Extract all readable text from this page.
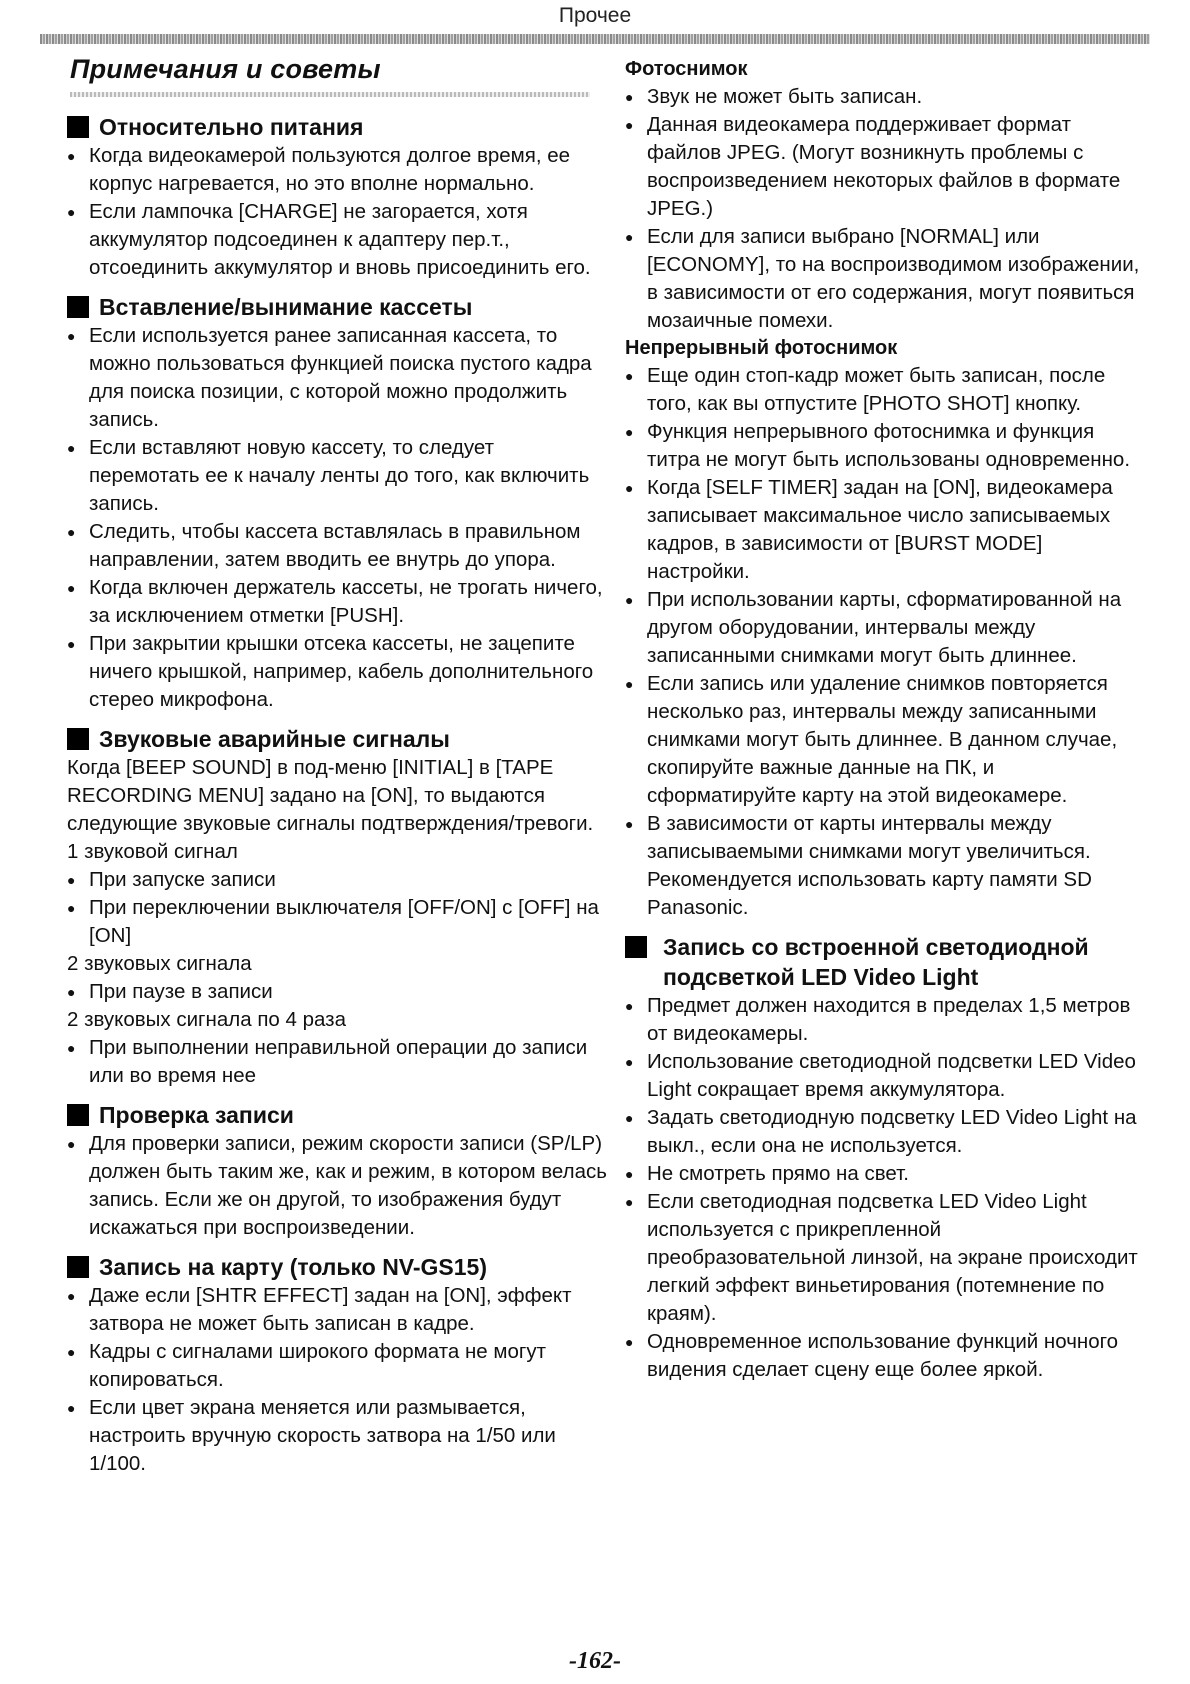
Прочее
Примечания и советы
Относительно питания
● Когда видеокамерой пользуются долгое время, ее корпус нагревается, но это вполне нормально.
● Если лампочка [CHARGE] не загорается, хотя аккумулятор подсоединен к адаптеру пер.т., отсоединить аккумулятор и вновь присоединить его.
Вставление/вынимание кассеты
● Если используется ранее записанная кассета, то можно пользоваться функцией поиска пустого кадра для поиска позиции, с которой можно продолжить запись.
● Если вставляют новую кассету, то следует перемотать ее к началу ленты до того, как включить запись.
● Следить, чтобы кассета вставлялась в правильном направлении, затем вводить ее внутрь до упора.
● Когда включен держатель кассеты, не трогать ничего, за исключением отметки [PUSH].
● При закрытии крышки отсека кассеты, не зацепите ничего крышкой, например, кабель дополнительного стерео микрофона.
Звуковые аварийные сигналы

Когда [BEEP SOUND] в под-меню [INITIAL] в [TAPE RECORDING MENU] задано на [ON], то выдаются следующие звуковые сигналы подтверждения/тревоги.

1 звуковой сигнал

● При запуске записи
● При переключении выключателя [OFF/ON] с [OFF] на [ON]

2 звуковых сигнала

● При паузе в записи

2 звуковых сигнала по 4 раза

● При выполнении неправильной операции до записи или во время нее
Проверка записи
● Для проверки записи, режим скорости записи (SP/LP) должен быть таким же, как и режим, в котором велась запись. Если же он другой, то изображения будут искажаться при воспроизведении.
Запись на карту (только NV-GS15)
● Даже если [SHTR EFFECT] задан на [ON], эффект затвора не может быть записан в кадре.
● Кадры с сигналами широкого формата не могут копироваться.
● Если цвет экрана меняется или размывается, настроить вручную скорость затвора на 1/50 или 1/100.
Фотоснимок
● Звук не может быть записан.
● Данная видеокамера поддерживает формат файлов JPEG. (Могут возникнуть проблемы с воспроизведением некоторых файлов в формате JPEG.)
● Если для записи выбрано [NORMAL] или [ECONOMY], то на воспроизводимом изображении, в зависимости от его содержания, могут появиться мозаичные помехи.
Непрерывный фотоснимок
● Еще один стоп-кадр может быть записан, после того, как вы отпустите [PHOTO SHOT] кнопку.
● Функция непрерывного фотоснимка и функция титра не могут быть использованы одновременно.
● Когда [SELF TIMER] задан на [ON], видеокамера записывает максимальное число записываемых кадров, в зависимости от [BURST MODE] настройки.
● При использовании карты, сформатированной на другом оборудовании, интервалы между записанными снимками могут быть длиннее.
● Если запись или удаление снимков повторяется несколько раз, интервалы между записанными снимками могут быть длиннее. В данном случае, скопируйте важные данные на ПК, и сформатируйте карту на этой видеокамере.
● В зависимости от карты интервалы между записываемыми снимками могут увеличиться. Рекомендуется использовать карту памяти SD Panasonic.
Запись со встроенной светодиодной подсветкой LED Video Light
● Предмет должен находится в пределах 1,5 метров от видеокамеры.
● Использование светодиодной подсветки LED Video Light сокращает время аккумулятора.
● Задать светодиодную подсветку LED Video Light на выкл., если она не используется.
● Не смотреть прямо на свет.
● Если светодиодная подсветка LED Video Light используется с прикрепленной преобразовательной линзой, на экране происходит легкий эффект виньетирования (потемнение по краям).
● Одновременное использование функций ночного видения сделает сцену еще более яркой.
-162-
